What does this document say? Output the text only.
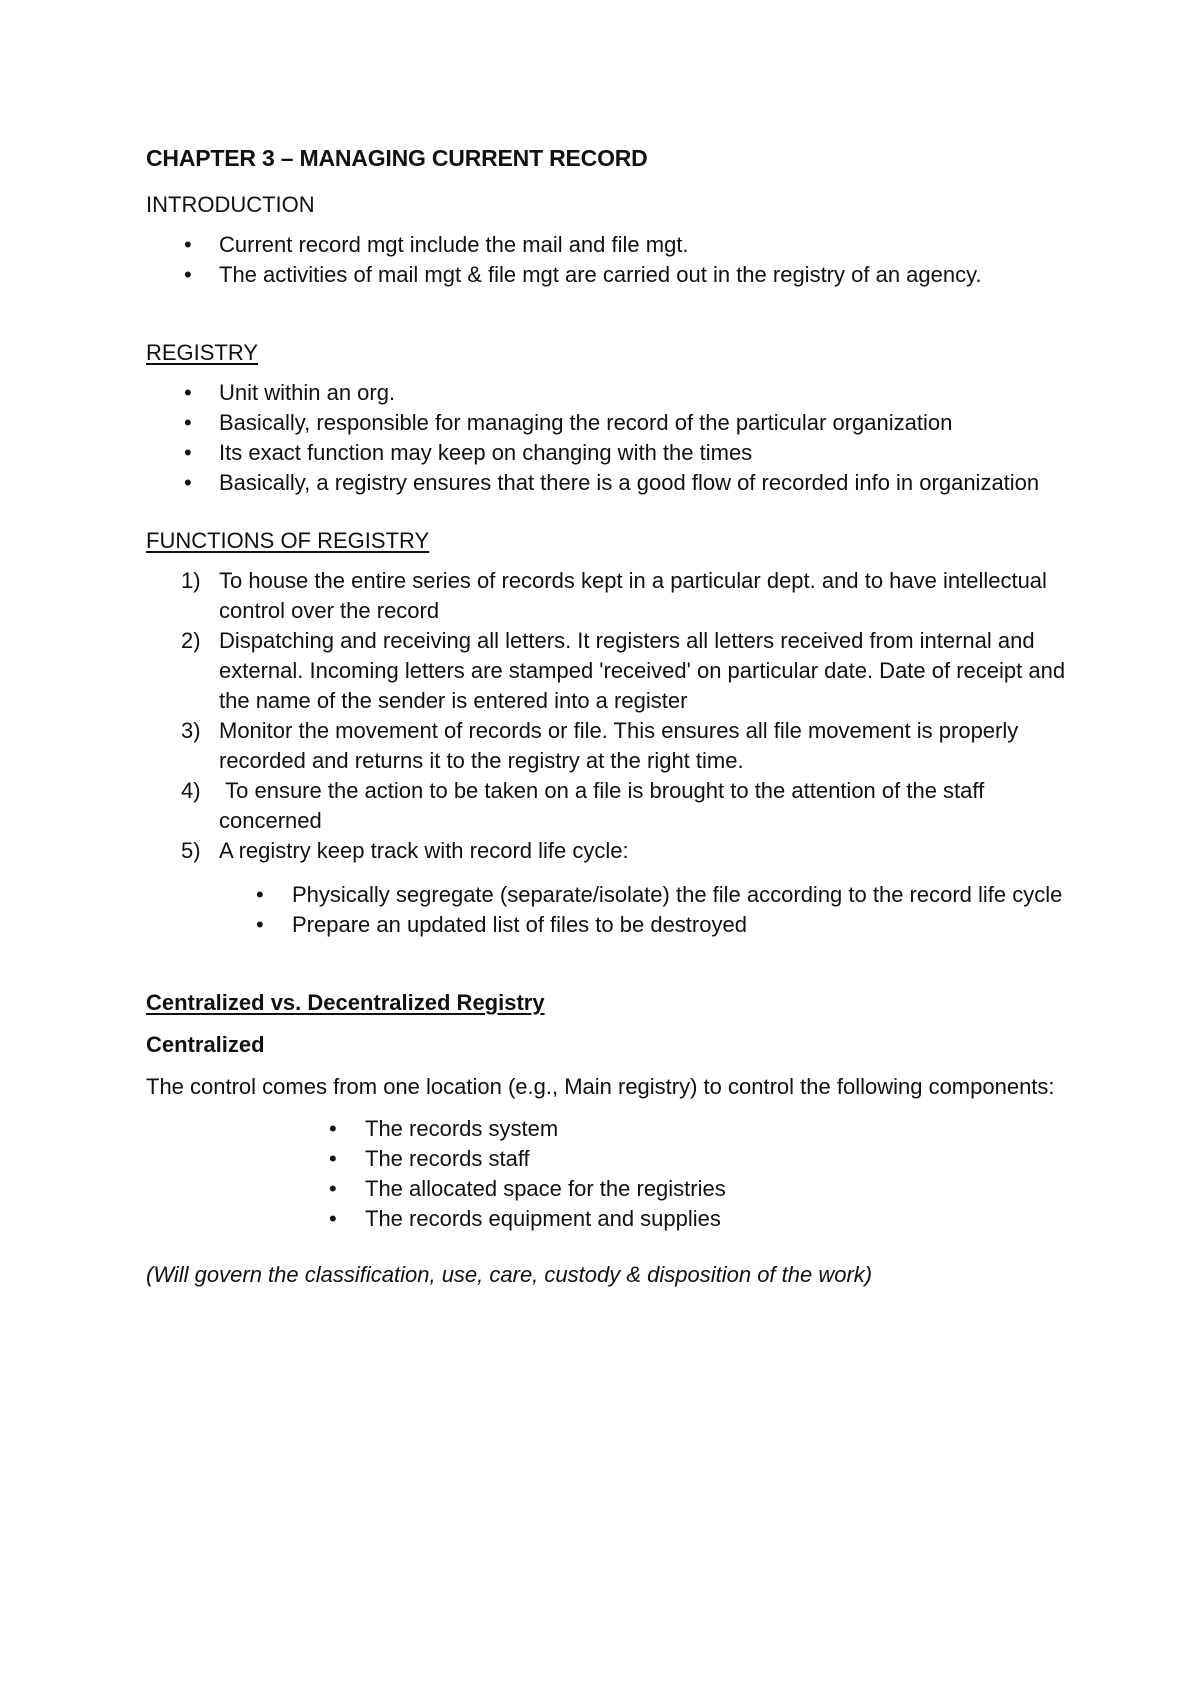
CHAPTER 3 – MANAGING CURRENT RECORD
INTRODUCTION
• Current record mgt include the mail and file mgt.
• The activities of mail mgt & file mgt are carried out in the registry of an agency.
REGISTRY
• Unit within an org.
• Basically, responsible for managing the record of the particular organization
• Its exact function may keep on changing with the times
• Basically, a registry ensures that there is a good flow of recorded info in organization
FUNCTIONS OF REGISTRY
1) To house the entire series of records kept in a particular dept. and to have intellectual control over the record
2) Dispatching and receiving all letters. It registers all letters received from internal and external. Incoming letters are stamped 'received' on particular date. Date of receipt and the name of the sender is entered into a register
3) Monitor the movement of records or file. This ensures all file movement is properly recorded and returns it to the registry at the right time.
4) To ensure the action to be taken on a file is brought to the attention of the staff concerned
5) A registry keep track with record life cycle:
• Physically segregate (separate/isolate) the file according to the record life cycle
• Prepare an updated list of files to be destroyed
Centralized vs. Decentralized Registry
Centralized

The control comes from one location (e.g., Main registry) to control the following components:

• The records system
• The records staff
• The allocated space for the registries
• The records equipment and supplies

(Will govern the classification, use, care, custody & disposition of the work)
